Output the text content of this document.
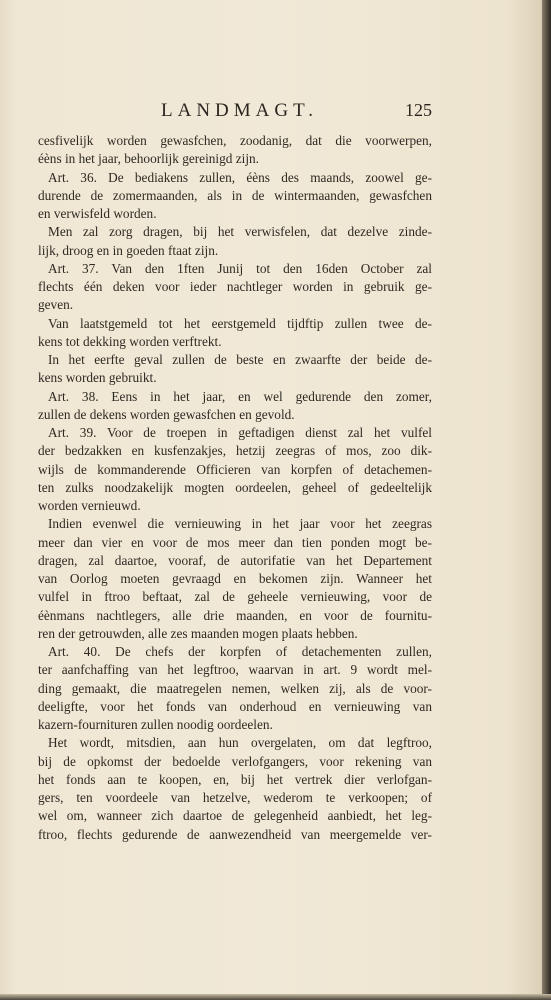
LANDMAGT.	125
cesfivelijk worden gewasfchen, zoodanig, dat die voorwerpen,
éèns in het jaar, behoorlijk gereinigd zijn.
Art. 36. De bediakens zullen, éèns des maands, zoowel ge-
durende de zomermaanden, als in de wintermaanden, gewasfchen
en verwisfeld worden.
Men zal zorg dragen, bij het verwisfelen, dat dezelve zinde-
lijk, droog en in goeden ftaat zijn.
Art. 37. Van den 1ften Junij tot den 16den October zal
flechts één deken voor ieder nachtleger worden in gebruik ge-
geven.
Van laatstgemeld tot het eerstgemeld tijdftip zullen twee de-
kens tot dekking worden verftrekt.
In het eerfte geval zullen de beste en zwaarfte der beide de-
kens worden gebruikt.
Art. 38. Eens in het jaar, en wel gedurende den zomer,
zullen de dekens worden gewasfchen en gevold.
Art. 39. Voor de troepen in geftadigen dienst zal het vulfel
der bedzakken en kusfenzakjes, hetzij zeegras of mos, zoo dik-
wijls de kommanderende Officieren van korpfen of detachemen-
ten zulks noodzakelijk mogten oordeelen, geheel of gedeeltelijk
worden vernieuwd.
Indien evenwel die vernieuwing in het jaar voor het zeegras
meer dan vier en voor de mos meer dan tien ponden mogt be-
dragen, zal daartoe, vooraf, de autorifatie van het Departement
van Oorlog moeten gevraagd en bekomen zijn. Wanneer het
vulfel in ftroo beftaat, zal de geheele vernieuwing, voor de
éènmans nachtlegers, alle drie maanden, en voor de fournitu-
ren der getrouwden, alle zes maanden mogen plaats hebben.
Art. 40. De chefs der korpfen of detachementen zullen,
ter aanfchaffing van het legftroo, waarvan in art. 9 wordt mel-
ding gemaakt, die maatregelen nemen, welken zij, als de voor-
deeligfte, voor het fonds van onderhoud en vernieuwing van
kazern-fournituren zullen noodig oordeelen.
Het wordt, mitsdien, aan hun overgelaten, om dat legftroo,
bij de opkomst der bedoelde verlofgangers, voor rekening van
het fonds aan te koopen, en, bij het vertrek dier verlofgan-
gers, ten voordeele van hetzelve, wederom te verkoopen; of
wel om, wanneer zich daartoe de gelegenheid aanbiedt, het leg-
ftroo, flechts gedurende de aanwezendheid van meergemelde ver-
